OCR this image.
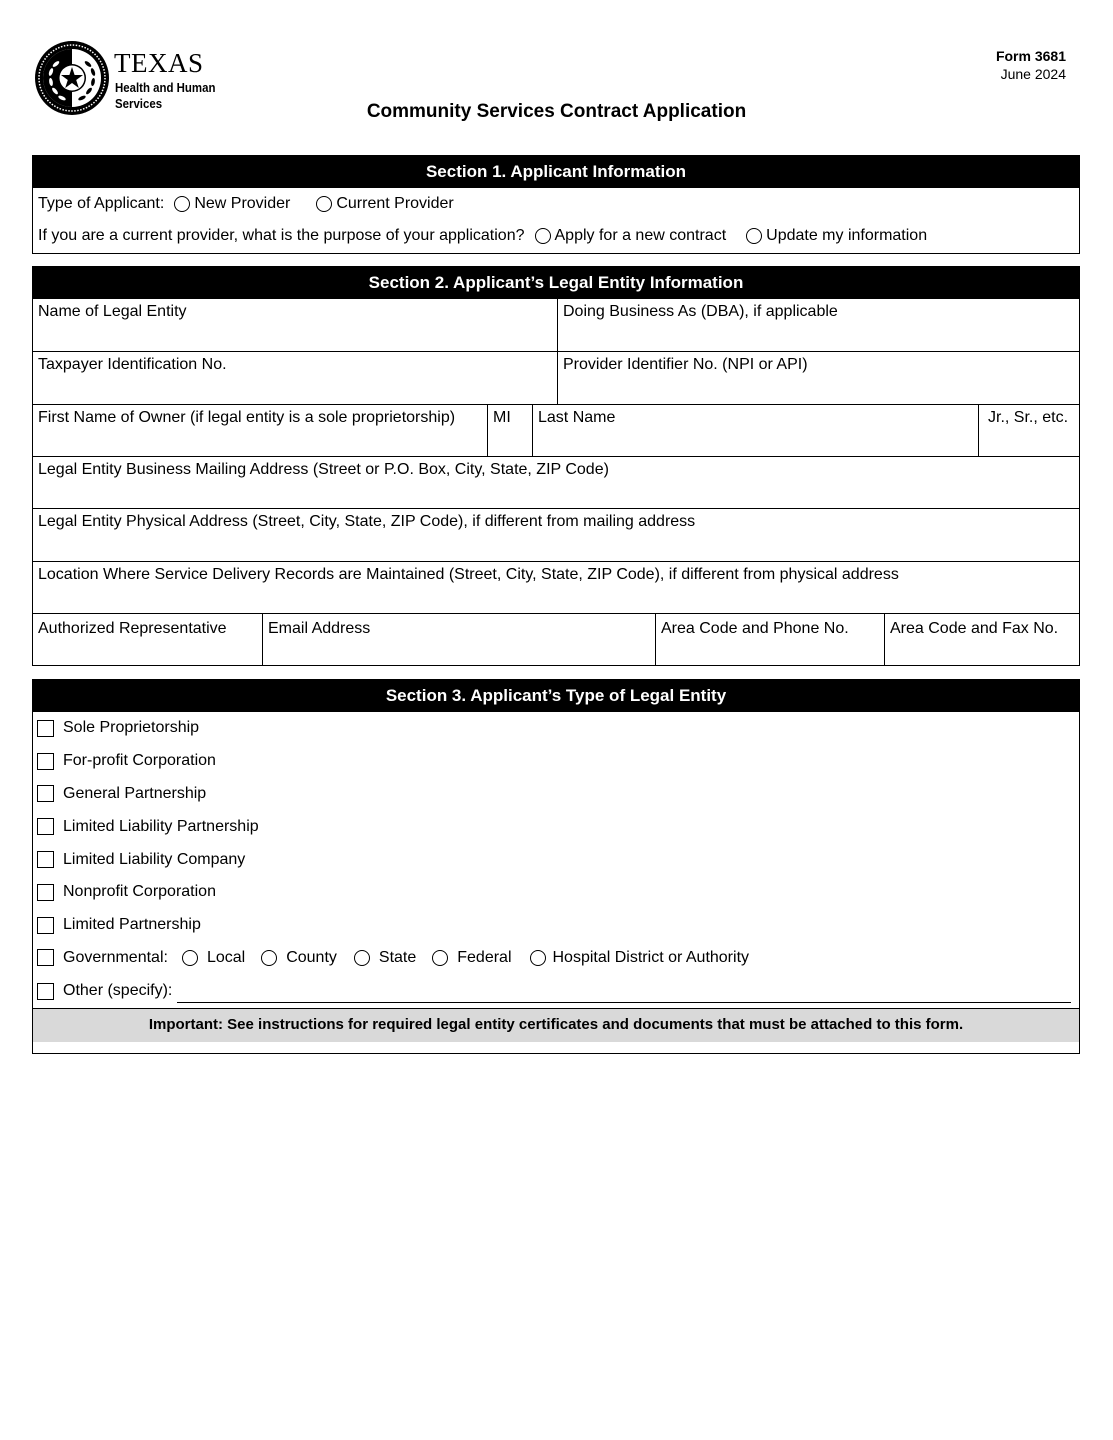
TEXAS
Health and Human
Services
Form 3681
June 2024
Community Services Contract Application
Section 1. Applicant Information
Type of Applicant: New Provider	Current Provider
If you are a current provider, what is the purpose of your application? Apply for a new contract	Update my information
Section 2. Applicant’s Legal Entity Information
Name of Legal Entity	Doing Business As (DBA), if applicable
Taxpayer Identification No.	Provider Identifier No. (NPI or API)
First Name of Owner (if legal entity is a sole proprietorship)	MI	Last Name	Jr., Sr., etc.
Legal Entity Business Mailing Address (Street or P.O. Box, City, State, ZIP Code)
Legal Entity Physical Address (Street, City, State, ZIP Code), if different from mailing address
Location Where Service Delivery Records are Maintained (Street, City, State, ZIP Code), if different from physical address
Authorized Representative	Email Address	Area Code and Phone No.	Area Code and Fax No.
Section 3. Applicant’s Type of Legal Entity
Sole Proprietorship
For-profit Corporation
General Partnership
Limited Liability Partnership
Limited Liability Company
Nonprofit Corporation
Limited Partnership
Governmental: Local	County	State	Federal	Hospital District or Authority
Other (specify):
Important: See instructions for required legal entity certificates and documents that must be attached to this form.
